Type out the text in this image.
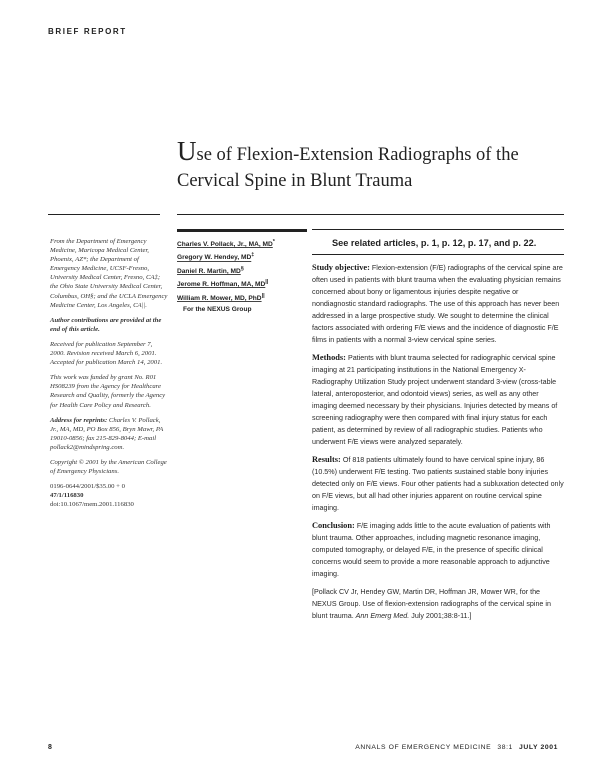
BRIEF REPORT
Use of Flexion-Extension Radiographs of the
Cervical Spine in Blunt Trauma

From the Department of Emergency Medicine, Maricopa Medical Center, Phoenix, AZ*; the Department of Emergency Medicine, UCSF-Fresno, University Medical Center, Fresno, CA‡; the Ohio State University Medical Center, Columbus, OH§; and the UCLA Emergency Medicine Center, Los Angeles, CA||.

Author contributions are provided at the end of this article.

Received for publication September 7, 2000. Revision received March 6, 2001. Accepted for publication March 14, 2001.

This work was funded by grant No. R01 HS08239 from the Agency for Healthcare Research and Quality, formerly the Agency for Health Care Policy and Research.

Address for reprints: Charles V. Pollack, Jr., MA, MD, PO Box 856, Bryn Mawr, PA 19010-0856; fax 215-829-8044; E-mail pollack2@mindspring.com.

Copyright © 2001 by the American College of Emergency Physicians.

0196-0644/2001/$35.00 + 0

47/1/116830

doi:10.1067/mem.2001.116830

Charles V. Pollack, Jr., MA, MD*
Gregory W. Hendey, MD‡
Daniel R. Martin, MD§
Jerome R. Hoffman, MA, MD||
William R. Mower, MD, PhD||
For the NEXUS Group
See related articles, p. 1, p. 12, p. 17, and p. 22.

Study objective: Flexion-extension (F/E) radiographs of the cervical spine are often used in patients with blunt trauma when the evaluating physician remains concerned about bony or ligamentous injuries despite negative or nondiagnostic standard radiographs. The use of this approach has never been addressed in a large prospective study. We sought to determine the clinical factors associated with ordering F/E views and the incidence of diagnostic F/E films in patients with a normal 3-view cervical spine series.

Methods: Patients with blunt trauma selected for radiographic cervical spine imaging at 21 participating institutions in the National Emergency X-Radiography Utilization Study project underwent standard 3-view (cross-table lateral, anteroposterior, and odontoid views) series, as well as any other imaging deemed necessary by their physicians. Injuries detected by means of screening radiography were then compared with final injury status for each patient, as determined by review of all radiographic studies. Patients who underwent F/E views were analyzed separately.

Results: Of 818 patients ultimately found to have cervical spine injury, 86 (10.5%) underwent F/E testing. Two patients sustained stable bony injuries detected only on F/E views. Four other patients had a subluxation detected only on F/E views, but all had other injuries apparent on routine cervical spine imaging.

Conclusion: F/E imaging adds little to the acute evaluation of patients with blunt trauma. Other approaches, including magnetic resonance imaging, computed tomography, or delayed F/E, in the presence of specific clinical concerns would seem to provide a more reasonable approach to adjunctive imaging.

[Pollack CV Jr, Hendey GW, Martin DR, Hoffman JR, Mower WR, for the NEXUS Group. Use of flexion-extension radiographs of the cervical spine in blunt trauma. Ann Emerg Med. July 2001;38:8-11.]

8	ANNALS OF EMERGENCY MEDICINE 38:1 JULY 2001
